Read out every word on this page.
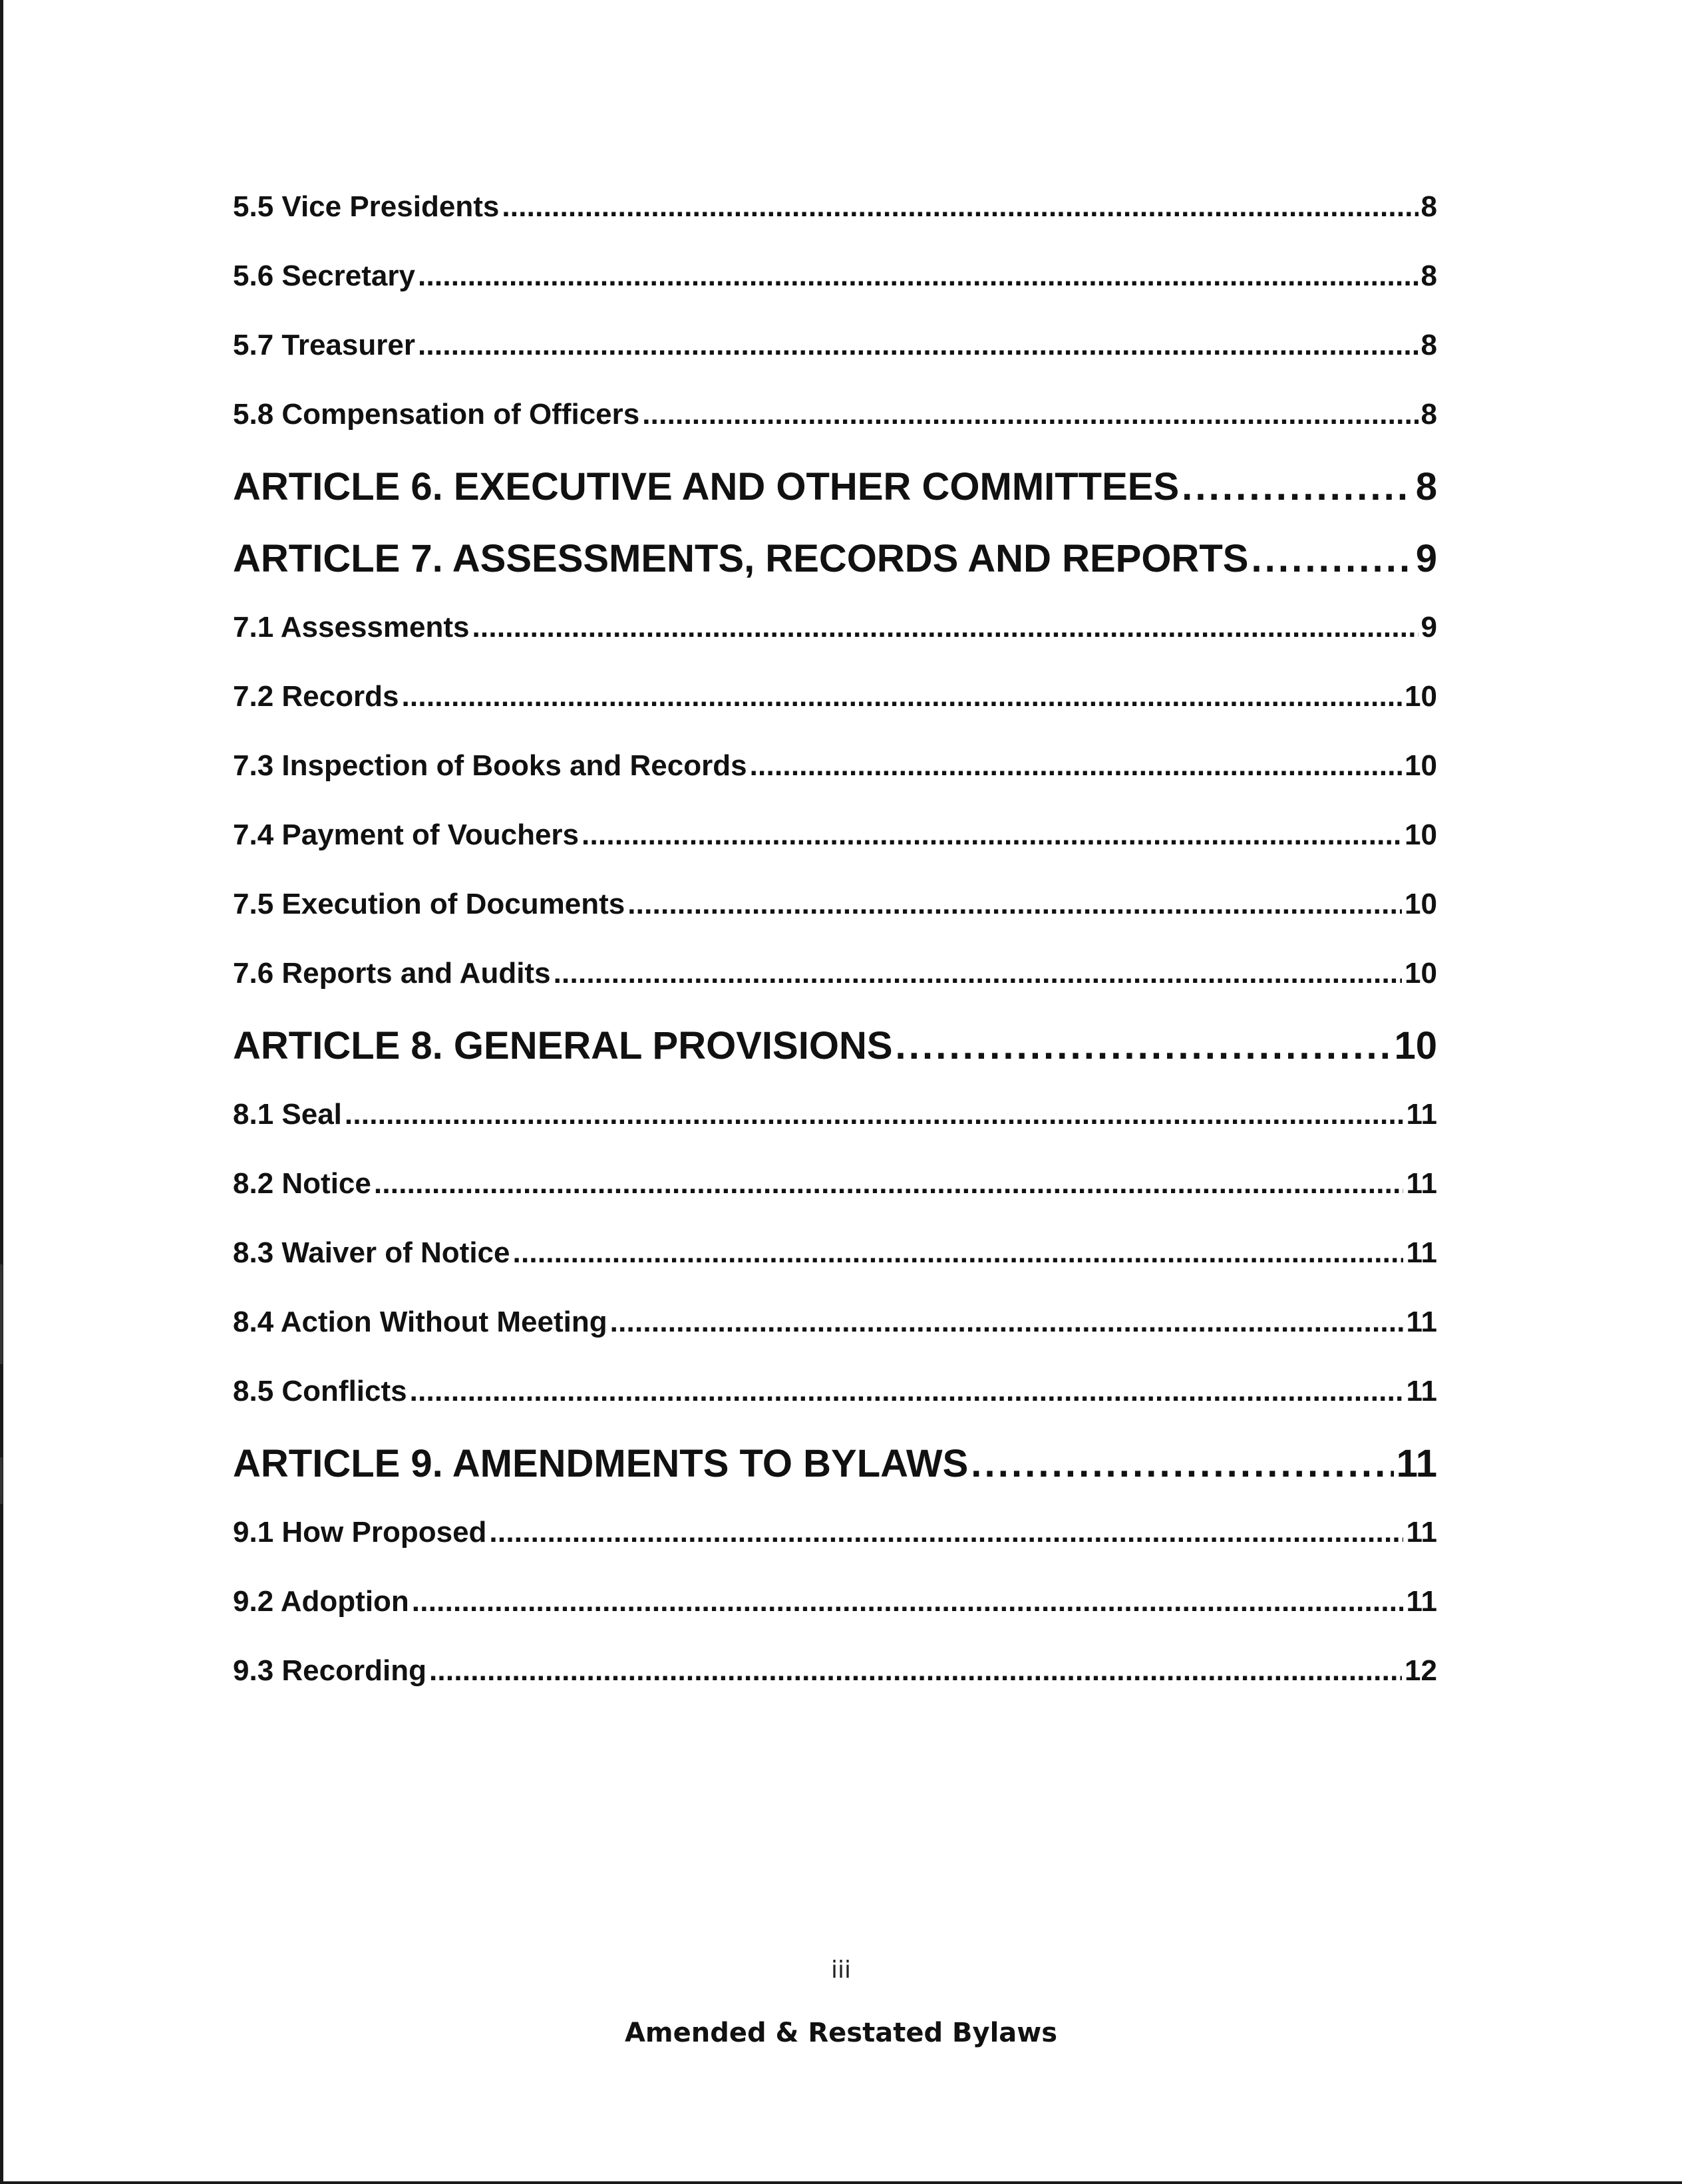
5.5 Vice Presidents . . .	8
5.6 Secretary . . .	8
5.7 Treasurer . . .	8
5.8 Compensation of Officers . . .	8
ARTICLE 6. EXECUTIVE AND OTHER COMMITTEES . . .	8
ARTICLE 7. ASSESSMENTS, RECORDS AND REPORTS . . .	9
7.1 Assessments . . .	9
7.2 Records . . .	10
7.3 Inspection of Books and Records . . .	10
7.4 Payment of Vouchers . . .	10
7.5 Execution of Documents . . .	10
7.6 Reports and Audits . . .	10
ARTICLE 8. GENERAL PROVISIONS . . .	10
8.1 Seal . . .	11
8.2 Notice . . .	11
8.3 Waiver of Notice . . .	11
8.4 Action Without Meeting . . .	11
8.5 Conflicts . . .	11
ARTICLE 9. AMENDMENTS TO BYLAWS . . .	11
9.1 How Proposed . . .	11
9.2 Adoption . . .	11
9.3 Recording . . .	12
iii
Amended & Restated Bylaws
